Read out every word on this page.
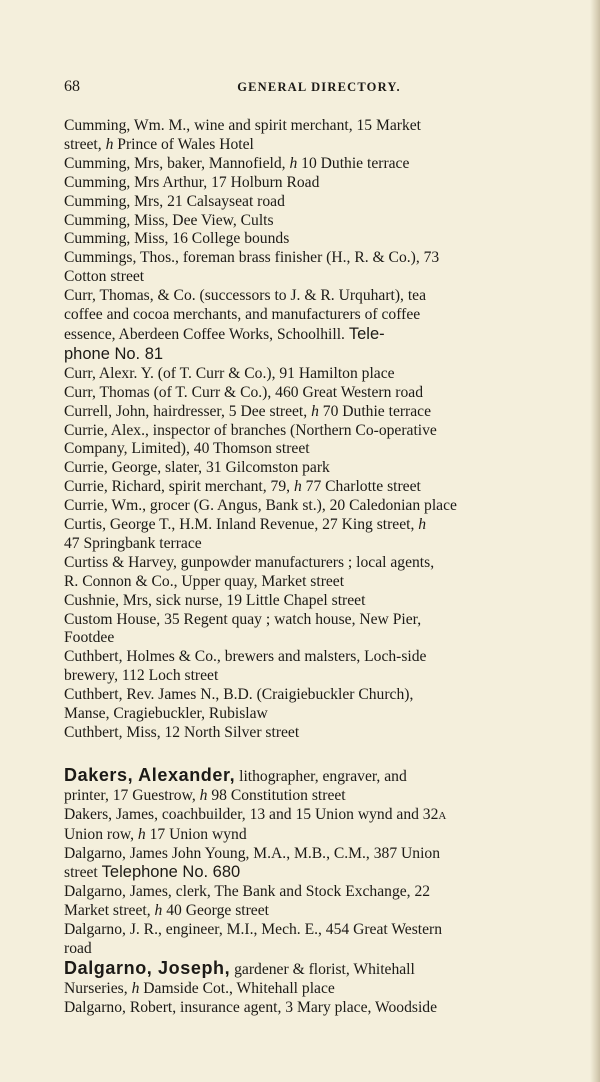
68	GENERAL DIRECTORY.

Cumming, Wm. M., wine and spirit merchant, 15 Market
street, h Prince of Wales Hotel

Cumming, Mrs, baker, Mannofield, h 10 Duthie terrace

Cumming, Mrs Arthur, 17 Holburn Road

Cumming, Mrs, 21 Calsayseat road

Cumming, Miss, Dee View, Cults

Cumming, Miss, 16 College bounds

Cummings, Thos., foreman brass finisher (H., R. & Co.), 73
Cotton street

Curr, Thomas, & Co. (successors to J. & R. Urquhart), tea
coffee and cocoa merchants, and manufacturers of coffee
essence, Aberdeen Coffee Works, Schoolhill. Tele-
phone No. 81

Curr, Alexr. Y. (of T. Curr & Co.), 91 Hamilton place

Curr, Thomas (of T. Curr & Co.), 460 Great Western road

Currell, John, hairdresser, 5 Dee street, h 70 Duthie terrace

Currie, Alex., inspector of branches (Northern Co-operative
Company, Limited), 40 Thomson street

Currie, George, slater, 31 Gilcomston park

Currie, Richard, spirit merchant, 79, h 77 Charlotte street

Currie, Wm., grocer (G. Angus, Bank st.), 20 Caledonian place

Curtis, George T., H.M. Inland Revenue, 27 King street, h
47 Springbank terrace

Curtiss & Harvey, gunpowder manufacturers ; local agents,
R. Connon & Co., Upper quay, Market street

Cushnie, Mrs, sick nurse, 19 Little Chapel street

Custom House, 35 Regent quay ; watch house, New Pier,
Footdee

Cuthbert, Holmes & Co., brewers and malsters, Loch-side
brewery, 112 Loch street

Cuthbert, Rev. James N., B.D. (Craigiebuckler Church),
Manse, Cragiebuckler, Rubislaw

Cuthbert, Miss, 12 North Silver street

Dakers, Alexander, lithographer, engraver, and
printer, 17 Guestrow, h 98 Constitution street

Dakers, James, coachbuilder, 13 and 15 Union wynd and 32A
Union row, h 17 Union wynd

Dalgarno, James John Young, M.A., M.B., C.M., 387 Union
street Telephone No. 680

Dalgarno, James, clerk, The Bank and Stock Exchange, 22
Market street, h 40 George street

Dalgarno, J. R., engineer, M.I., Mech. E., 454 Great Western
road

Dalgarno, Joseph, gardener & florist, Whitehall
Nurseries, h Damside Cot., Whitehall place

Dalgarno, Robert, insurance agent, 3 Mary place, Woodside
